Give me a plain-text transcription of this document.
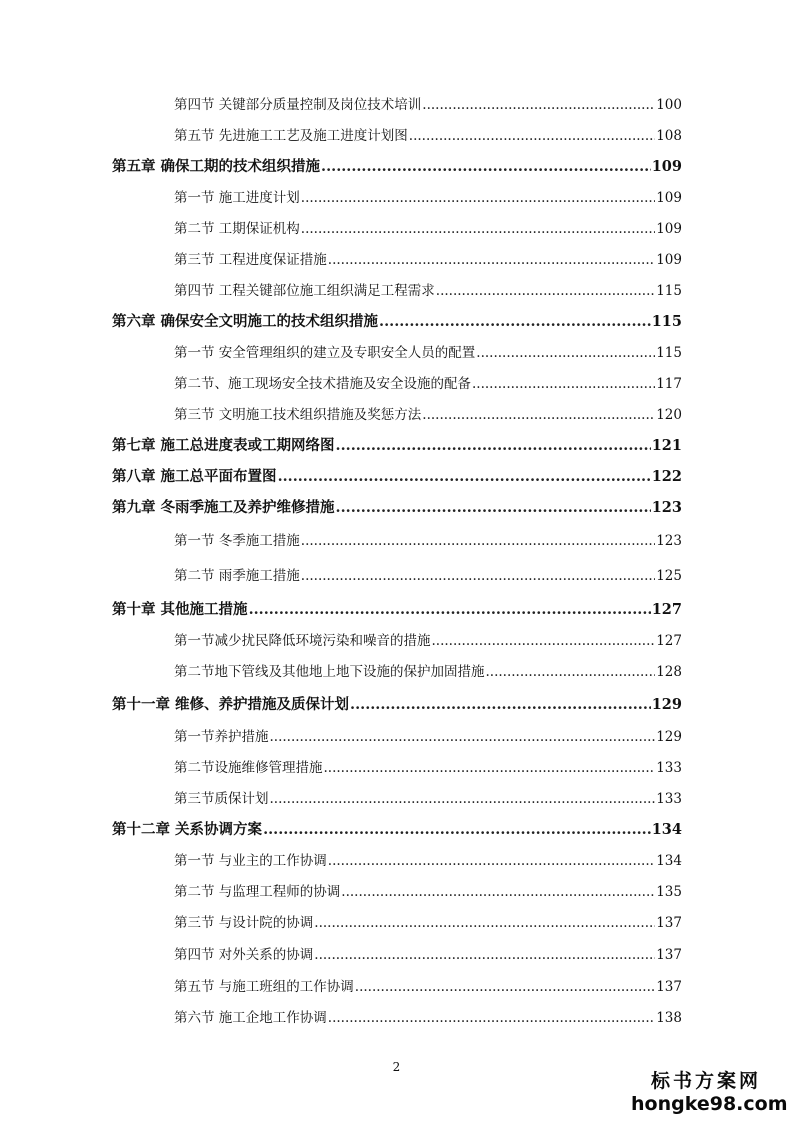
第四节 关键部分质量控制及岗位技术培训 .....	100
第五节 先进施工工艺及施工进度计划图 .....	108
第五章 确保工期的技术组织措施 .....	109
第一节 施工进度计划 .....	109
第二节 工期保证机构 .....	109
第三节 工程进度保证措施 .....	109
第四节 工程关键部位施工组织满足工程需求 .....	115
第六章 确保安全文明施工的技术组织措施 .....	115
第一节 安全管理组织的建立及专职安全人员的配置 .....	115
第二节、施工现场安全技术措施及安全设施的配备 .....	117
第三节 文明施工技术组织措施及奖惩方法 .....	120
第七章 施工总进度表或工期网络图 .....	121
第八章 施工总平面布置图 .....	122
第九章 冬雨季施工及养护维修措施 .....	123
第一节 冬季施工措施 .....	123
第二节 雨季施工措施 .....	125
第十章 其他施工措施 .....	127
第一节减少扰民降低环境污染和噪音的措施 .....	127
第二节地下管线及其他地上地下设施的保护加固措施 .....	128
第十一章 维修、养护措施及质保计划 .....	129
第一节养护措施 .....	129
第二节设施维修管理措施 .....	133
第三节质保计划 .....	133
第十二章 关系协调方案 .....	134
第一节 与业主的工作协调 .....	134
第二节 与监理工程师的协调 .....	135
第三节 与设计院的协调 .....	137
第四节 对外关系的协调 .....	137
第五节 与施工班组的工作协调 .....	137
第六节 施工企地工作协调 .....	138
2
标书方案网
hongke98.com
